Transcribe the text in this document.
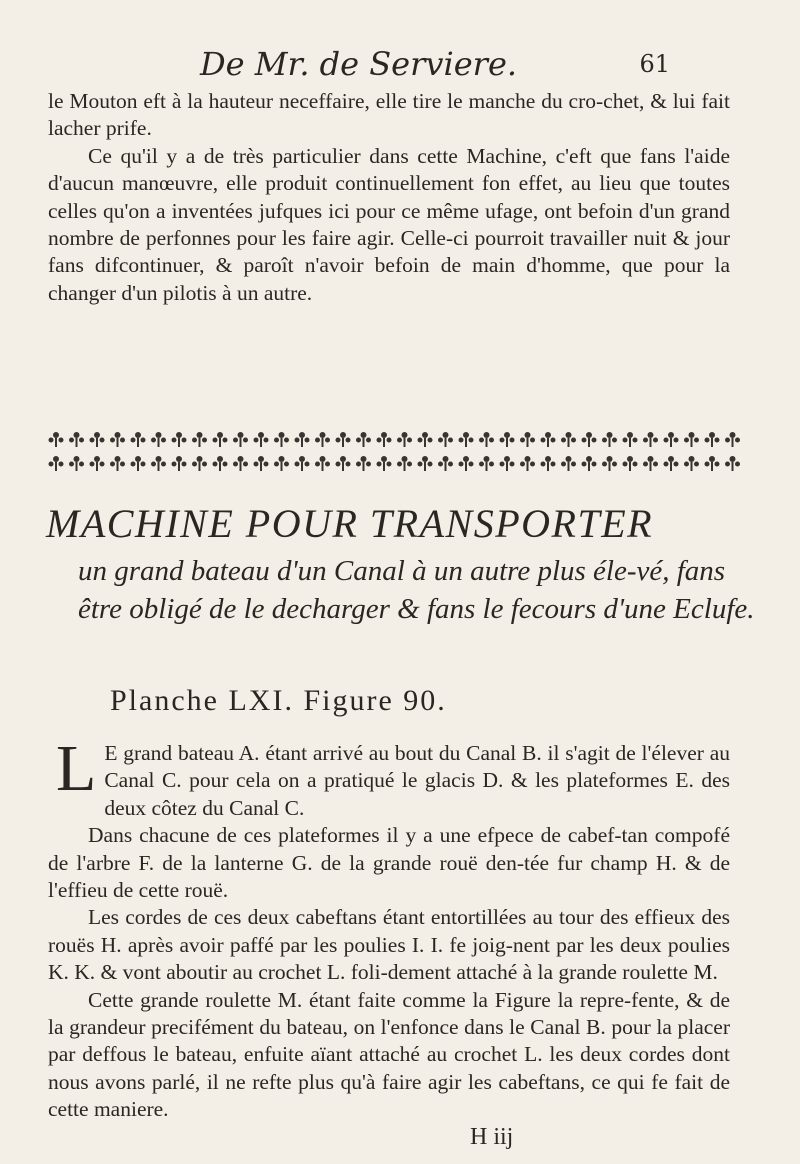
De Mr. de Serviere.	61

le Mouton eft à la hauteur neceffaire, elle tire le manche du cro-chet, & lui fait lacher prife.

Ce qu'il y a de très particulier dans cette Machine, c'eft que fans l'aide d'aucun manœuvre, elle produit continuellement fon effet, au lieu que toutes celles qu'on a inventées jufques ici pour ce même ufage, ont befoin d'un grand nombre de perfonnes pour les faire agir. Celle-ci pourroit travailler nuit & jour fans difcontinuer, & paroît n'avoir befoin de main d'homme, que pour la changer d'un pilotis à un autre.

MACHINE POUR TRANSPORTER
un grand bateau d'un Canal à un autre plus éle-vé, fans être obligé de le decharger & fans le fecours d'une Eclufe.
Planche LXI. Figure 90.

L E grand bateau A. étant arrivé au bout du Canal B. il s'agit de l'élever au Canal C. pour cela on a pratiqué le glacis D. & les plateformes E. des deux côtez du Canal C.

Dans chacune de ces plateformes il y a une efpece de cabef-tan compofé de l'arbre F. de la lanterne G. de la grande rouë den-tée fur champ H. & de l'effieu de cette rouë.

Les cordes de ces deux cabeftans étant entortillées au tour des effieux des rouës H. après avoir paffé par les poulies I. I. fe joig-nent par les deux poulies K. K. & vont aboutir au crochet L. foli-dement attaché à la grande roulette M.

Cette grande roulette M. étant faite comme la Figure la repre-fente, & de la grandeur precifément du bateau, on l'enfonce dans le Canal B. pour la placer par deffous le bateau, enfuite aïant attaché au crochet L. les deux cordes dont nous avons parlé, il ne refte plus qu'à faire agir les cabeftans, ce qui fe fait de cette maniere.

H iij
